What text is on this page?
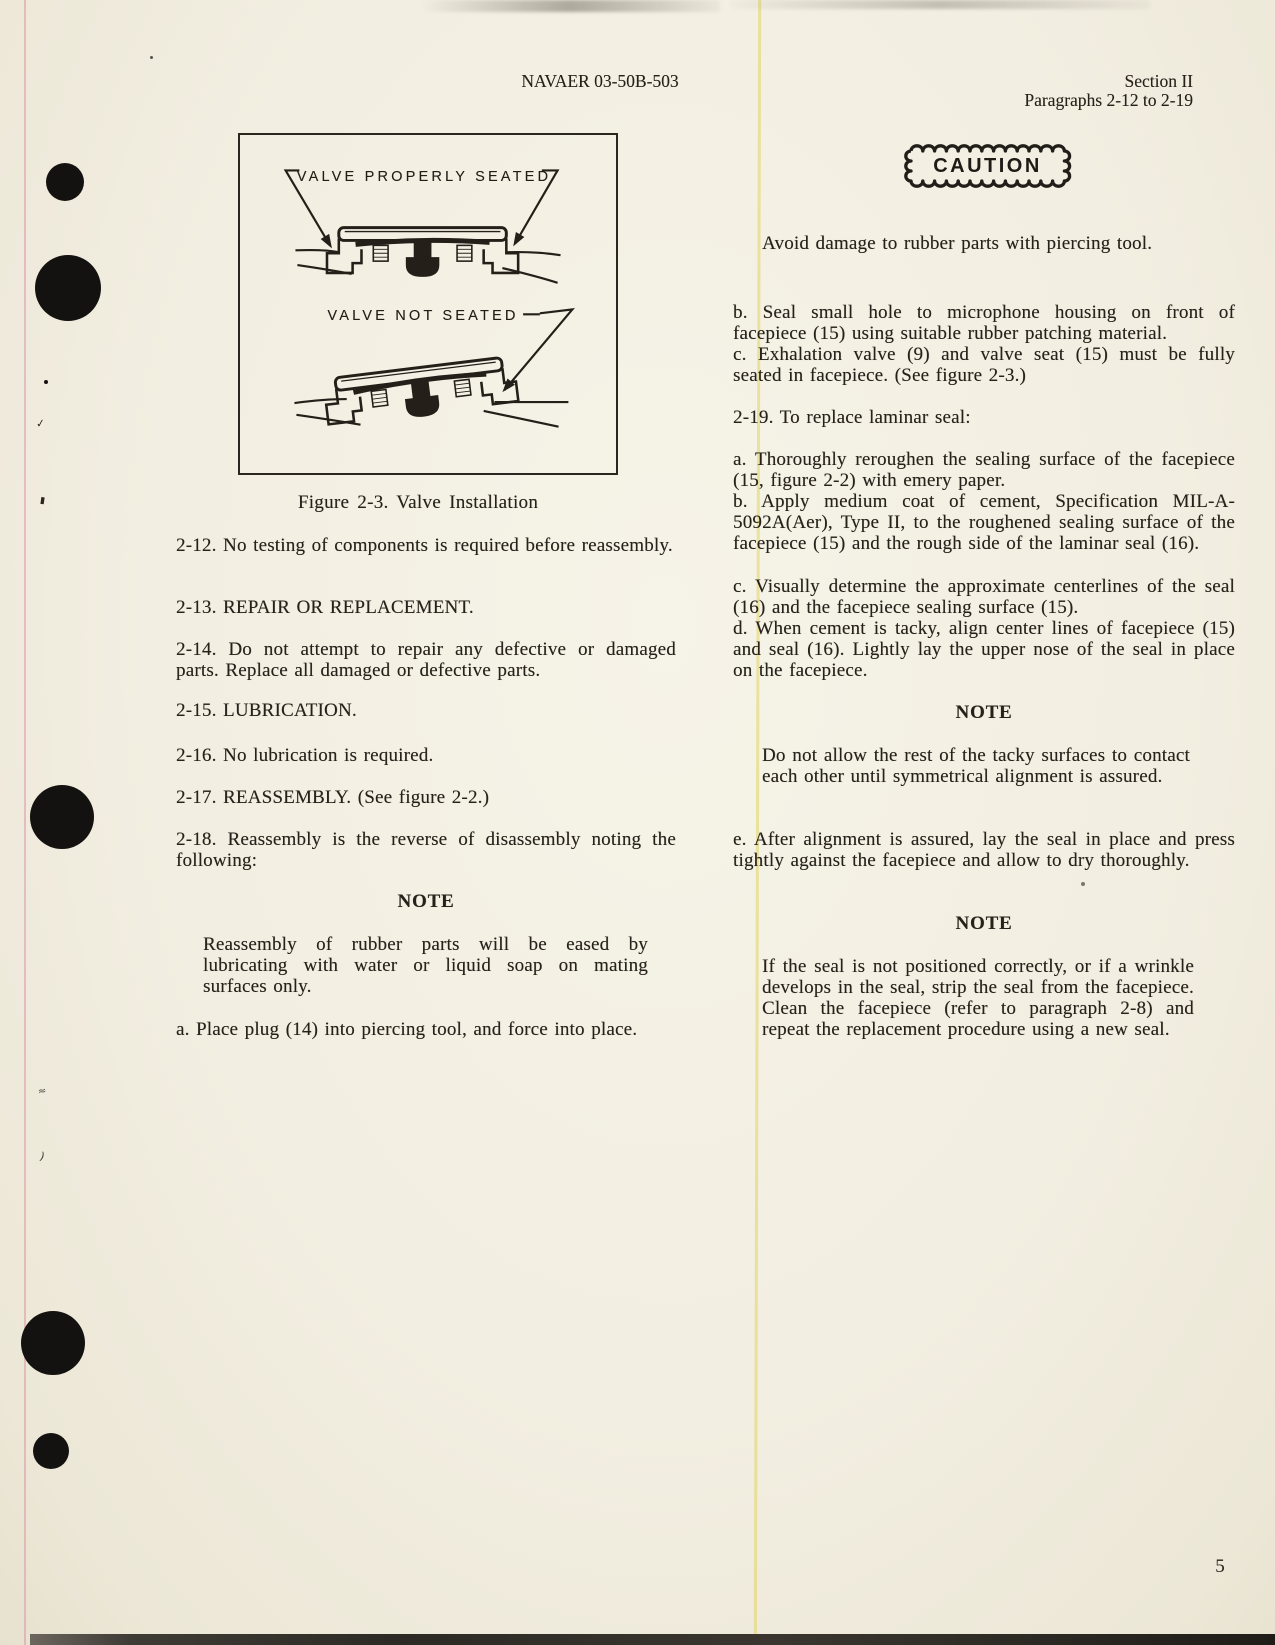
✓
▮
≈
)
NAVAER 03-50B-503	Section II
Paragraphs 2-12 to 2-19
VALVE PROPERLY SEATED
VALVE NOT SEATED
Figure 2-3. Valve Installation
2-12. No testing of components is required before reassembly.
2-13. REPAIR OR REPLACEMENT.
2-14. Do not attempt to repair any defective or damaged parts. Replace all damaged or defective parts.
2-15. LUBRICATION.
2-16. No lubrication is required.
2-17. REASSEMBLY. (See figure 2-2.)
2-18. Reassembly is the reverse of disassembly noting the following:
NOTE
Reassembly of rubber parts will be eased by lubricating with water or liquid soap on mating surfaces only.
a. Place plug (14) into piercing tool, and force into place.
CAUTION
Avoid damage to rubber parts with piercing tool.
b. Seal small hole to microphone housing on front of facepiece (15) using suitable rubber patching material.
c. Exhalation valve (9) and valve seat (15) must be fully seated in facepiece. (See figure 2-3.)
2-19. To replace laminar seal:
a. Thoroughly reroughen the sealing surface of the facepiece (15, figure 2-2) with emery paper.
b. Apply medium coat of cement, Specification MIL-A-5092A(Aer), Type II, to the roughened sealing surface of the facepiece (15) and the rough side of the laminar seal (16).
c. Visually determine the approximate centerlines of the seal (16) and the facepiece sealing surface (15).
d. When cement is tacky, align center lines of facepiece (15) and seal (16). Lightly lay the upper nose of the seal in place on the facepiece.
NOTE
Do not allow the rest of the tacky surfaces to contact each other until symmetrical alignment is assured.
e. After alignment is assured, lay the seal in place and press tightly against the facepiece and allow to dry thoroughly.
NOTE
If the seal is not positioned correctly, or if a wrinkle develops in the seal, strip the seal from the facepiece. Clean the facepiece (refer to paragraph 2-8) and repeat the replacement procedure using a new seal.
5
